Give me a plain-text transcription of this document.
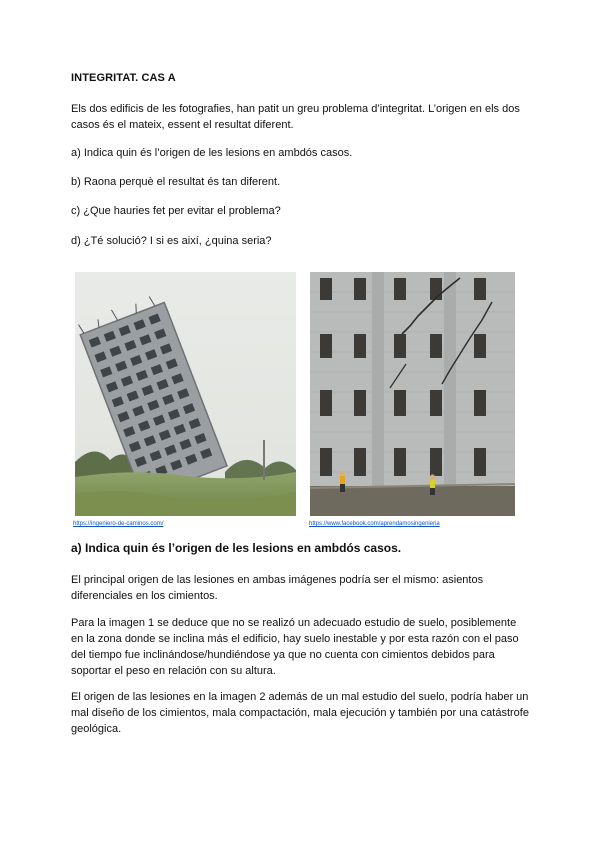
INTEGRITAT. CAS A
Els dos edificis de les fotografies, han patit un greu problema d’integritat. L’origen en els dos casos és el mateix, essent el resultat diferent.
a) Indica quin és l’origen de les lesions en ambdós casos.
b) Raona perquè el resultat és tan diferent.
c) ¿Que hauries fet per evitar el problema?
d) ¿Té solució? I si es així, ¿quina seria?
https://ingeniero-de-caminos.com/	https://www.facebook.com/aprendamosingenieria
a) Indica quin és l’origen de les lesions en ambdós casos.
El principal origen de las lesiones en ambas imágenes podría ser el mismo: asientos diferenciales en los cimientos.
Para la imagen 1 se deduce que no se realizó un adecuado estudio de suelo, posiblemente en la zona donde se inclina más el edificio, hay suelo inestable y por esta razón con el paso del tiempo fue inclinándose/hundiéndose ya que no cuenta con cimientos debidos para soportar el peso en relación con su altura.
El origen de las lesiones en la imagen 2 además de un mal estudio del suelo, podría haber un mal diseño de los cimientos, mala compactación, mala ejecución y también por una catástrofe geológica.
